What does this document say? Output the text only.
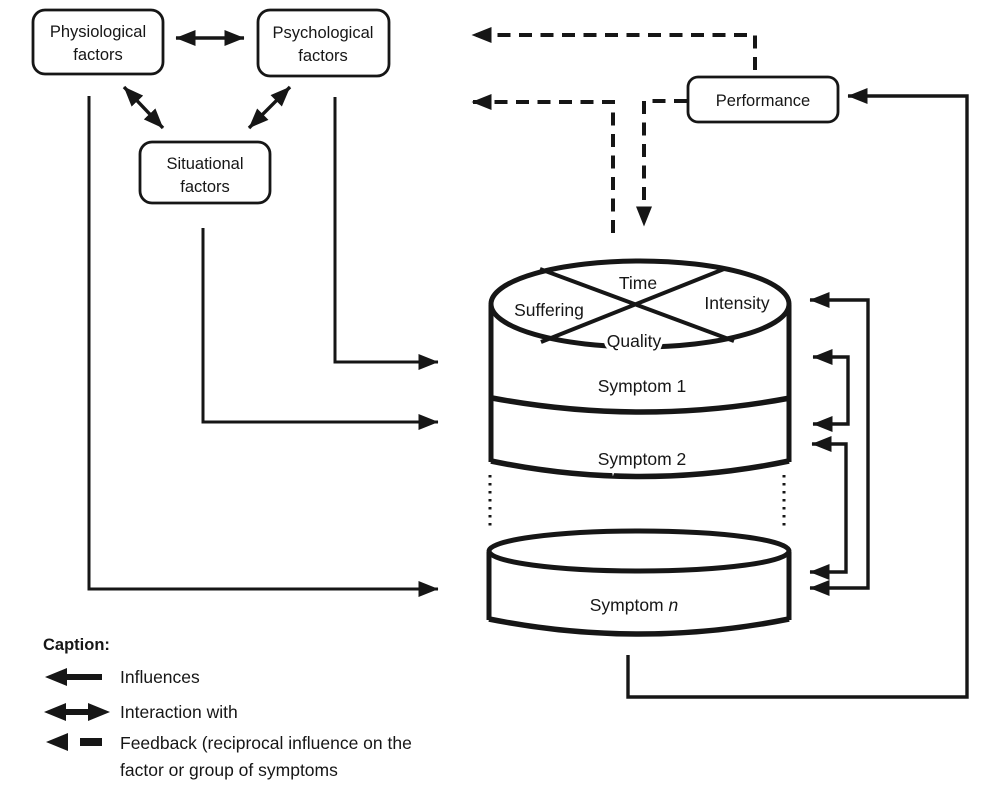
Physiological
factors
Psychological
factors
Situational
factors
Performance
Time
Suffering	Intensity
Quality
Symptom 1
Symptom 2
Symptom n
Caption:
Influences
Interaction with
Feedback (reciprocal influence on the
factor or group of symptoms
